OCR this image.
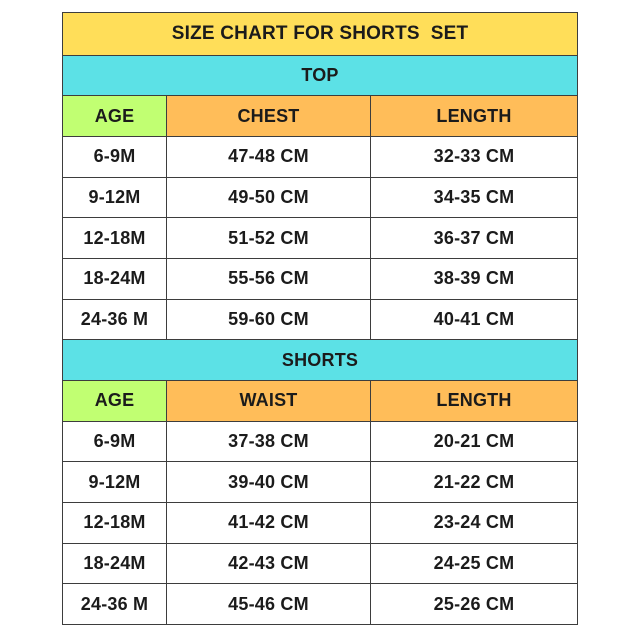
SIZE CHART FOR SHORTS  SET		
TOP		
AGE	CHEST	LENGTH
6-9M	47-48 CM	32-33 CM
9-12M	49-50 CM	34-35 CM
12-18M	51-52 CM	36-37 CM
18-24M	55-56 CM	38-39 CM
24-36 M	59-60 CM	40-41 CM
SHORTS		
AGE	WAIST	LENGTH
6-9M	37-38 CM	20-21 CM
9-12M	39-40 CM	21-22 CM
12-18M	41-42 CM	23-24 CM
18-24M	42-43 CM	24-25 CM
24-36 M	45-46 CM	25-26 CM
